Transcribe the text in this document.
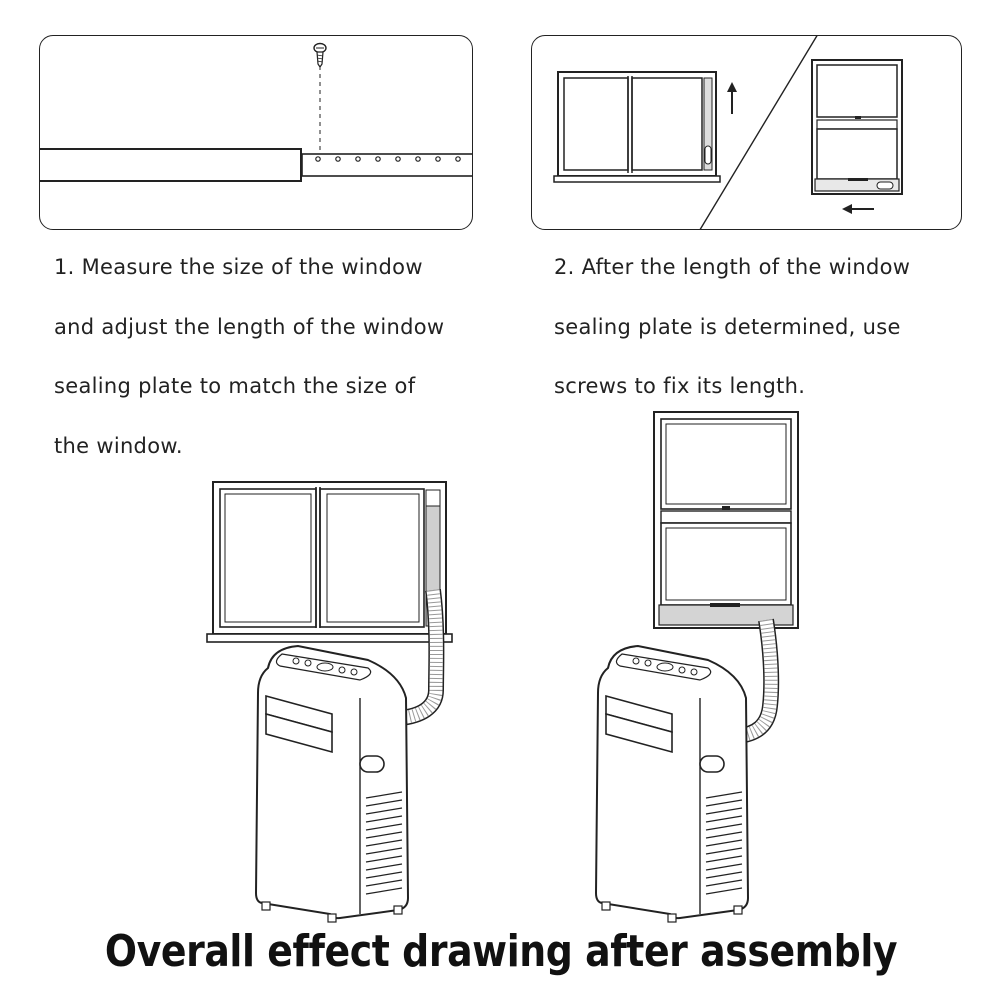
1. Measure the size of the window
and adjust the length of the window
sealing plate to match the size of
the window.
2. After the length of the window
sealing plate is determined, use
screws to fix its length.
Overall effect drawing after assembly
